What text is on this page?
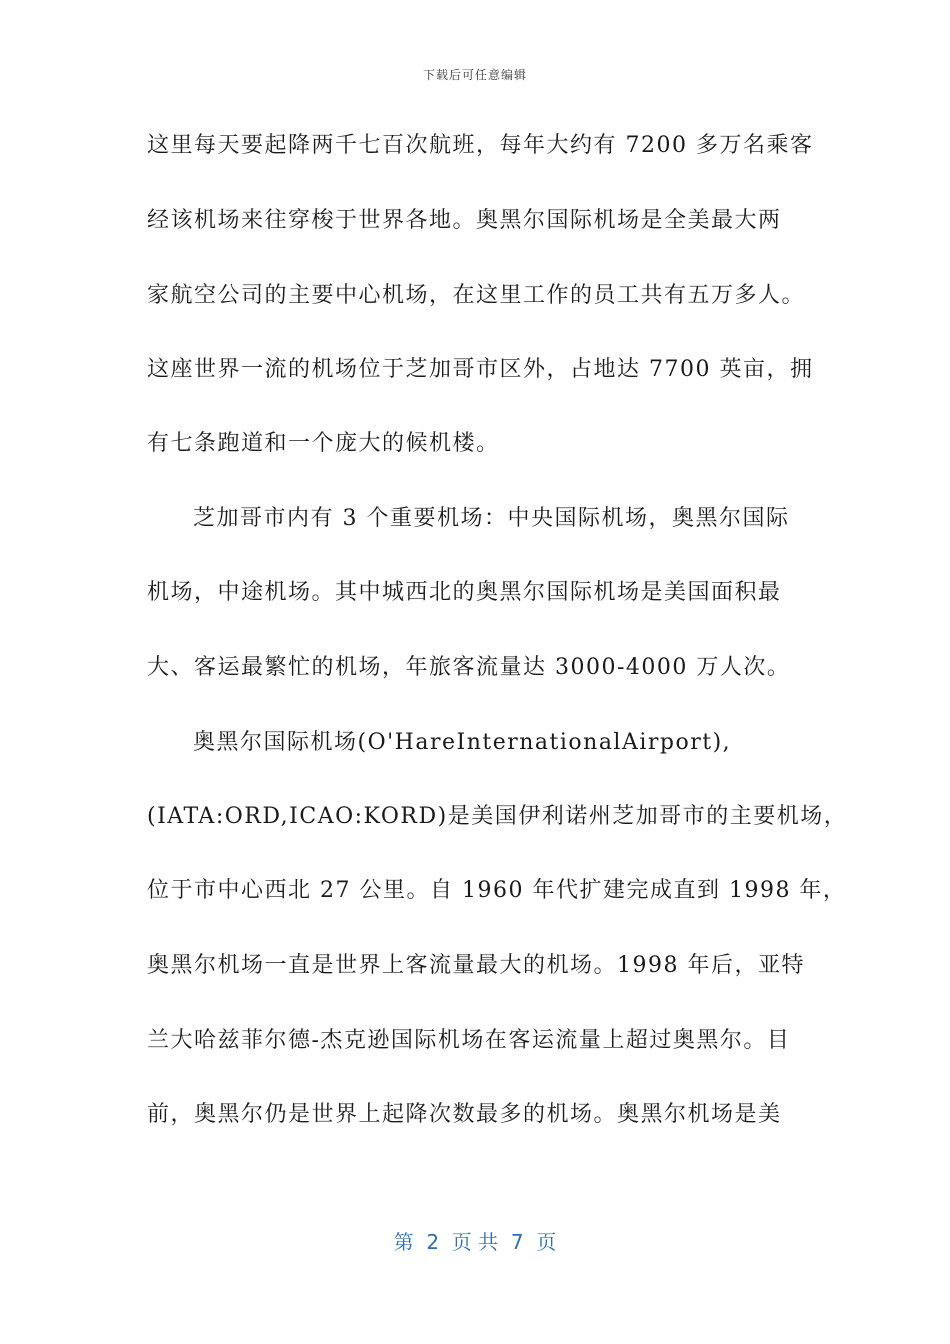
下载后可任意编辑
这里每天要起降两千七百次航班，每年大约有 7200 多万名乘客
经该机场来往穿梭于世界各地。奥黑尔国际机场是全美最大两
家航空公司的主要中心机场，在这里工作的员工共有五万多人。
这座世界一流的机场位于芝加哥市区外，占地达 7700 英亩，拥
有七条跑道和一个庞大的候机楼。
芝加哥市内有 3 个重要机场：中央国际机场，奥黑尔国际
机场，中途机场。其中城西北的奥黑尔国际机场是美国面积最
大、客运最繁忙的机场，年旅客流量达 3000-4000 万人次。
奥黑尔国际机场(O'HareInternationalAirport),
(IATA:ORD,ICAO:KORD)是美国伊利诺州芝加哥市的主要机场，
位于市中心西北 27 公里。自 1960 年代扩建完成直到 1998 年，
奥黑尔机场一直是世界上客流量最大的机场。1998 年后，亚特
兰大哈兹菲尔德-杰克逊国际机场在客运流量上超过奥黑尔。目
前，奥黑尔仍是世界上起降次数最多的机场。奥黑尔机场是美
第  2  页 共  7  页
